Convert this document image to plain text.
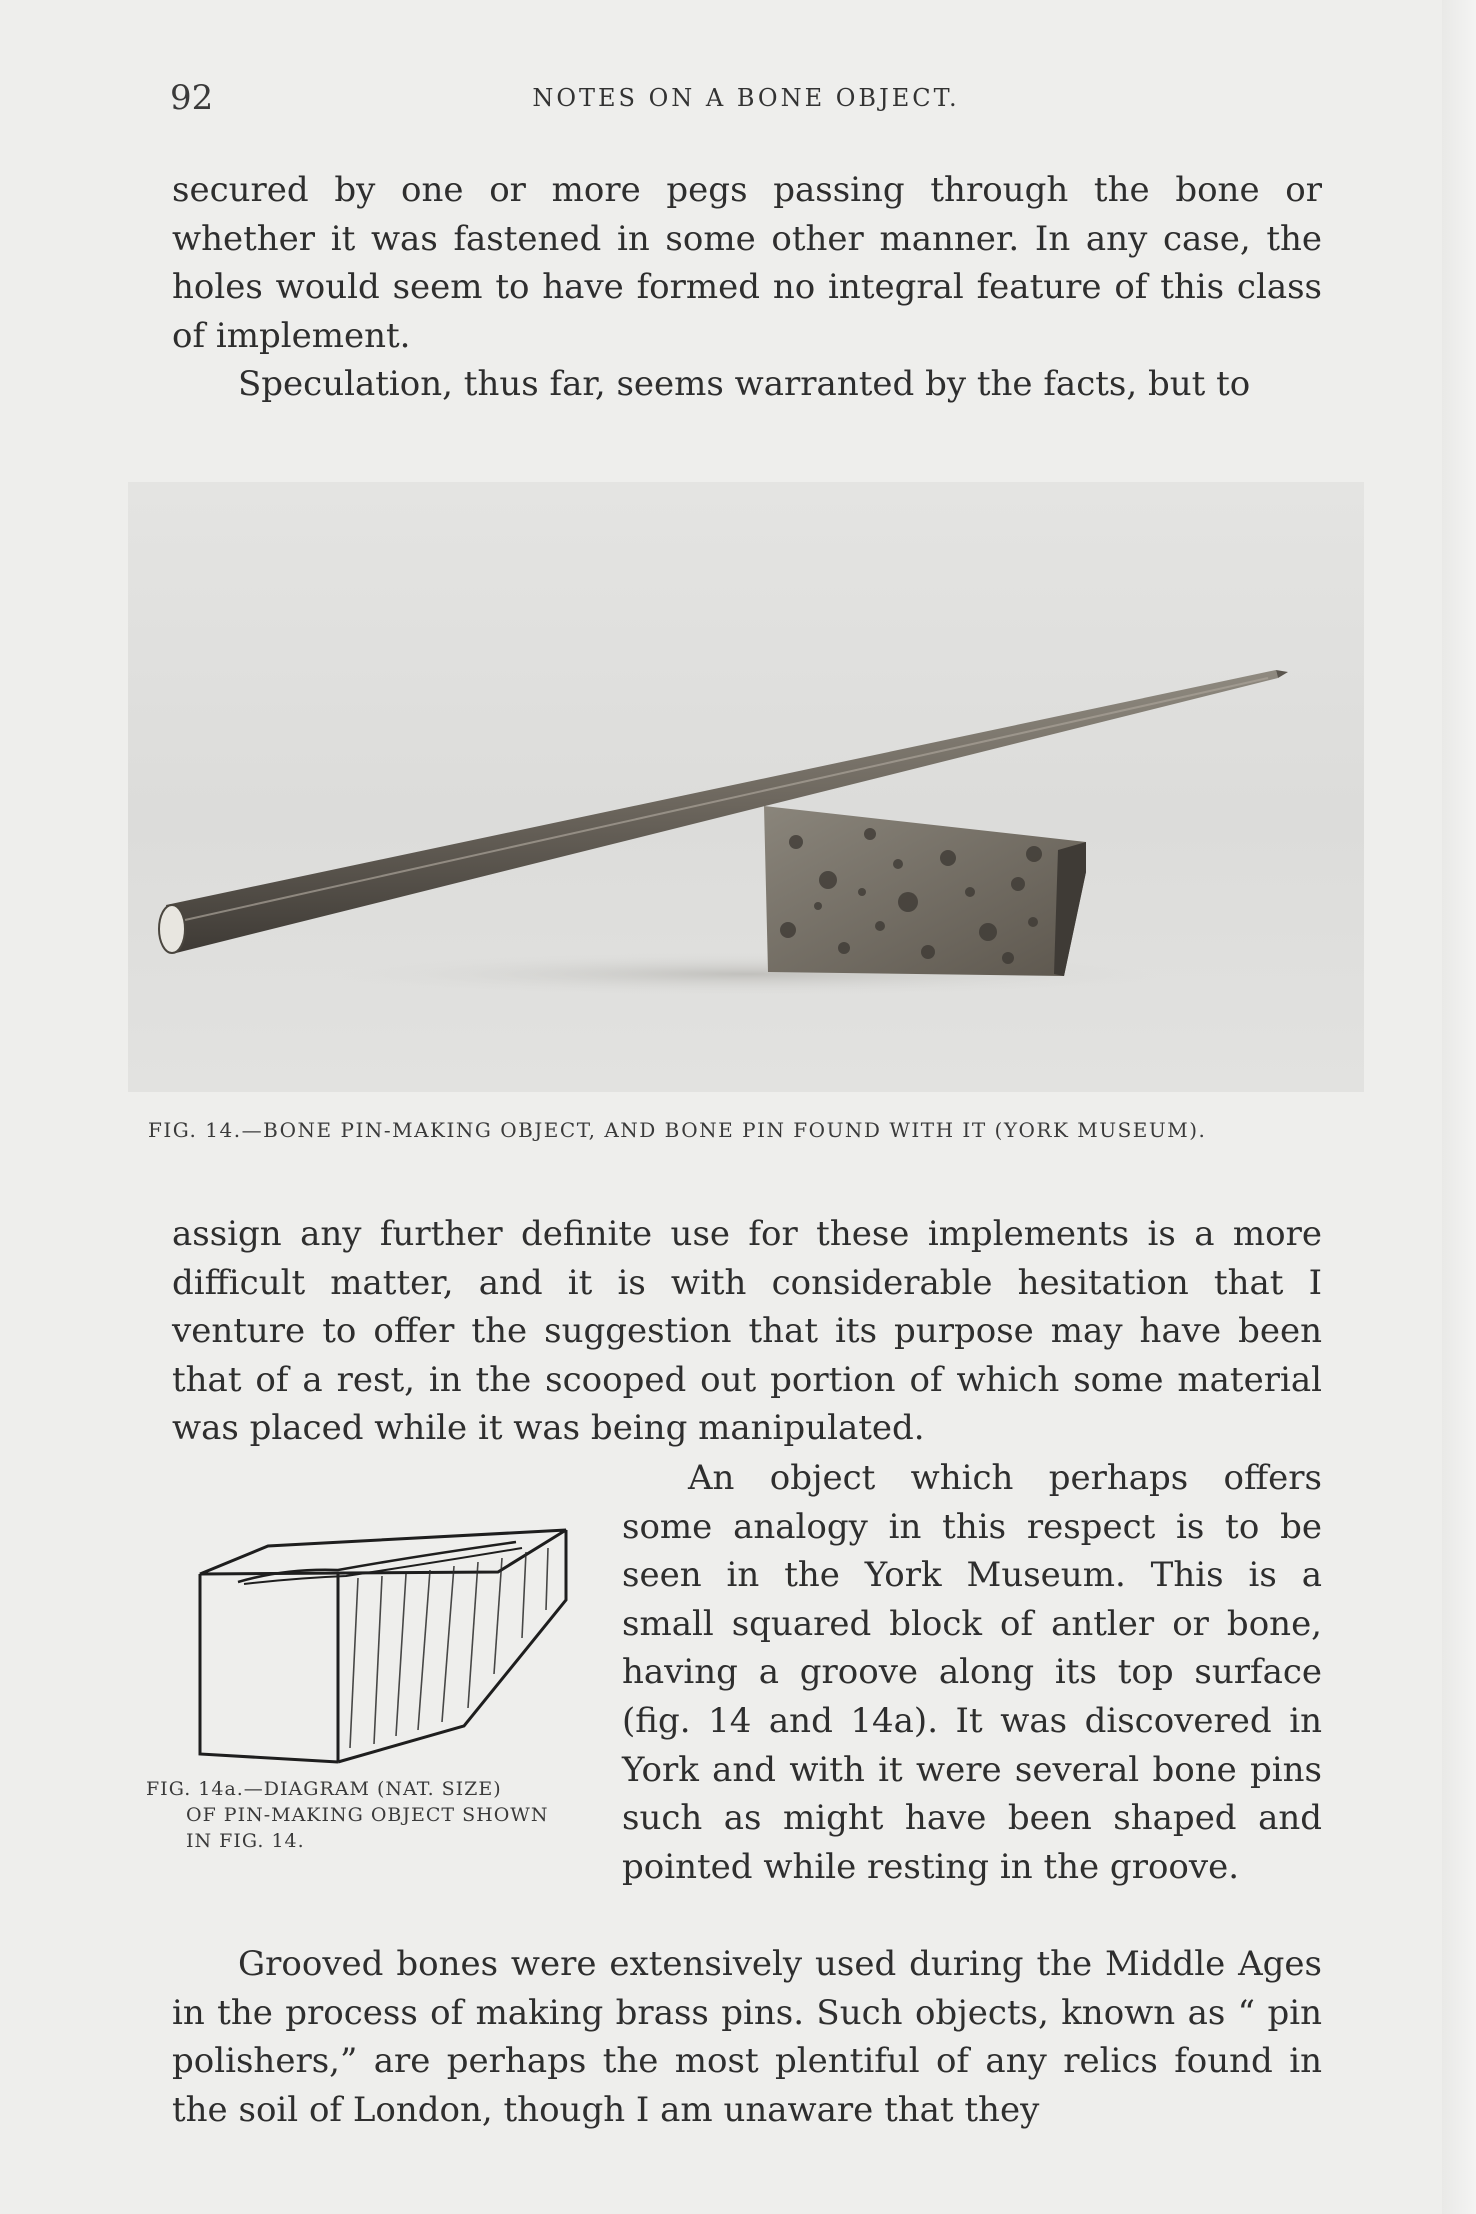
92	NOTES ON A BONE OBJECT.

secured by one or more pegs passing through the bone or whether it was fastened in some other manner. In any case, the holes would seem to have formed no integral feature of this class of implement.

Speculation, thus far, seems warranted by the facts, but to

FIG. 14.—BONE PIN-MAKING OBJECT, AND BONE PIN FOUND WITH IT (YORK MUSEUM).

assign any further definite use for these implements is a more difficult matter, and it is with considerable hesitation that I venture to offer the suggestion that its purpose may have been that of a rest, in the scooped out portion of which some material was placed while it was being manipulated.

FIG. 14a.—DIAGRAM (NAT. SIZE)
OF PIN-MAKING OBJECT SHOWN
IN FIG. 14.

An object which perhaps offers some analogy in this respect is to be seen in the York Museum. This is a small squared block of antler or bone, having a groove along its top surface (fig. 14 and 14a). It was discovered in York and with it were several bone pins such as might have been shaped and pointed while resting in the groove.

Grooved bones were extensively used during the Middle Ages in the process of making brass pins. Such objects, known as “ pin polishers,” are perhaps the most plentiful of any relics found in the soil of London, though I am unaware that they
